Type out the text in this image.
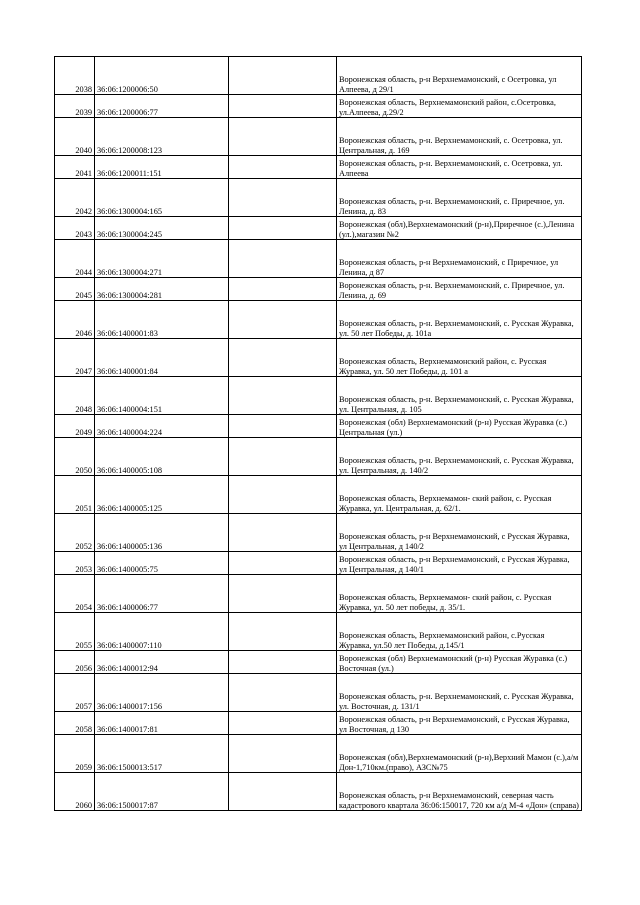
2038	36:06:1200006:50		Воронежская область, р-н Верхнемамонский, с Осетровка, ул Алпеева, д 29/1
2039	36:06:1200006:77		Воронежская область, Верхнемамонский район, с.Осетровка, ул.Алпеева, д.29/2
2040	36:06:1200008:123		Воронежская область, р-н. Верхнемамонский, с. Осетровка, ул. Центральная, д. 169
2041	36:06:1200011:151		Воронежская область, р-н. Верхнемамонский, с. Осетровка, ул. Алпеева
2042	36:06:1300004:165		Воронежская область, р-н. Верхнемамонский, с. Приречное, ул. Ленина, д. 83
2043	36:06:1300004:245		Воронежская (обл),Верхнемамонский (р-н),Приречное (с.),Ленина (ул.),магазин №2
2044	36:06:1300004:271		Воронежская область, р-н Верхнемамонский, с Приречное, ул Ленина, д 87
2045	36:06:1300004:281		Воронежская область, р-н. Верхнемамонский, с. Приречное, ул. Ленина, д. 69
2046	36:06:1400001:83		Воронежская область, р-н. Верхнемамонский, с. Русская Журавка, ул. 50 лет Победы, д. 101а
2047	36:06:1400001:84		Воронежская область, Верхнемамонский район, с. Русская Журавка, ул. 50 лет Победы, д. 101 а
2048	36:06:1400004:151		Воронежская область, р-н. Верхнемамонский, с. Русская Журавка, ул. Центральная, д. 105
2049	36:06:1400004:224		Воронежская (обл) Верхнемамонский (р-н) Русская Журавка (с.) Центральная (ул.)
2050	36:06:1400005:108		Воронежская область, р-н. Верхнемамонский, с. Русская Журавка, ул. Центральная, д. 140/2
2051	36:06:1400005:125		Воронежская область, Верхнемамон- ский район, с. Русская Журавка, ул. Центральная, д. 62/1.
2052	36:06:1400005:136		Воронежская область, р-н Верхнемамонский, с Русская Журавка, ул Центральная, д 140/2
2053	36:06:1400005:75		Воронежская область, р-н Верхнемамонский, с Русская Журавка, ул Центральная, д 140/1
2054	36:06:1400006:77		Воронежская область, Верхнемамон- ский район, с. Русская Журавка, ул. 50 лет победы, д. 35/1.
2055	36:06:1400007:110		Воронежская область, Верхнемамонский район, с.Русская Журавка, ул.50 лет Победы, д.145/1
2056	36:06:1400012:94		Воронежская (обл) Верхнемамонский (р-н) Русская Журавка (с.) Восточная (ул.)
2057	36:06:1400017:156		Воронежская область, р-н. Верхнемамонский, с. Русская Журавка, ул. Восточная, д. 131/1
2058	36:06:1400017:81		Воронежская область, р-н Верхнемамонский, с Русская Журавка, ул Восточная, д 130
2059	36:06:1500013:517		Воронежская (обл),Верхнемамонский (р-н),Верхний Мамон (с.),а/м Дон-1,710км.(право), АЗС№75
2060	36:06:1500017:87		Воронежская область, р-н Верхнемамонский, северная часть кадастрового квартала 36:06:150017, 720 км а/д М-4 «Дон» (справа)
